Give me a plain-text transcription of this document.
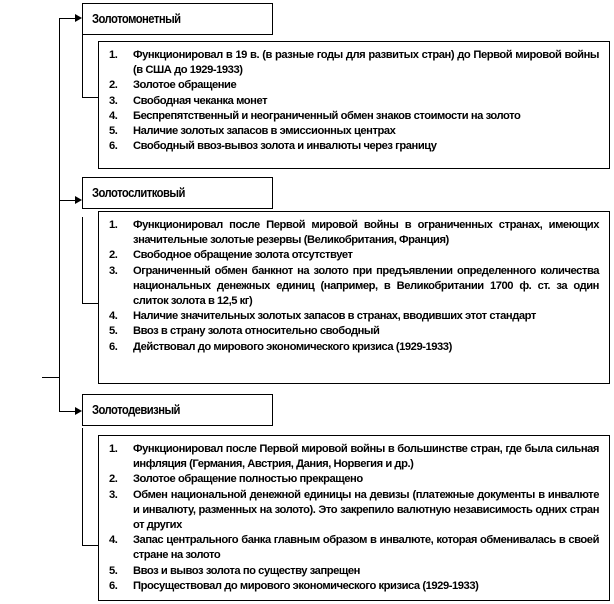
Золотомонетный
1. Функционировал в 19 в. (в разные годы для развитых стран) до Первой мировой войны (в США до 1929-1933)
2. Золотое обращение
3. Свободная чеканка монет
4. Беспрепятственный и неограниченный обмен знаков стоимости на золото
5. Наличие золотых запасов в эмиссионных центрах
6. Свободный ввоз-вывоз золота и инвалюты через границу
Золотослитковый
1. Функционировал после Первой мировой войны в ограниченных странах, имеющих значительные золотые резервы (Великобритания, Франция)
2. Свободное обращение золота отсутствует
3. Ограниченный обмен банкнот на золото при предъявлении определенного количества национальных денежных единиц (например, в Великобритании 1700 ф. ст. за один слиток золота в 12,5 кг)
4. Наличие значительных золотых запасов в странах, вводивших этот стандарт
5. Ввоз в страну золота относительно свободный
6. Действовал до мирового экономического кризиса (1929-1933)
Золотодевизный
1. Функционировал после Первой мировой войны в большинстве стран, где была сильная инфляция (Германия, Австрия, Дания, Норвегия и др.)
2. Золотое обращение полностью прекращено
3. Обмен национальной денежной единицы на девизы (платежные документы в инвалюте и инвалюту, разменных на золото). Это закрепило валютную независимость одних стран от других
4. Запас центрального банка главным образом в инвалюте, которая обменивалась в своей стране на золото
5. Ввоз и вывоз золота по существу запрещен
6. Просуществовал до мирового экономического кризиса (1929-1933)
